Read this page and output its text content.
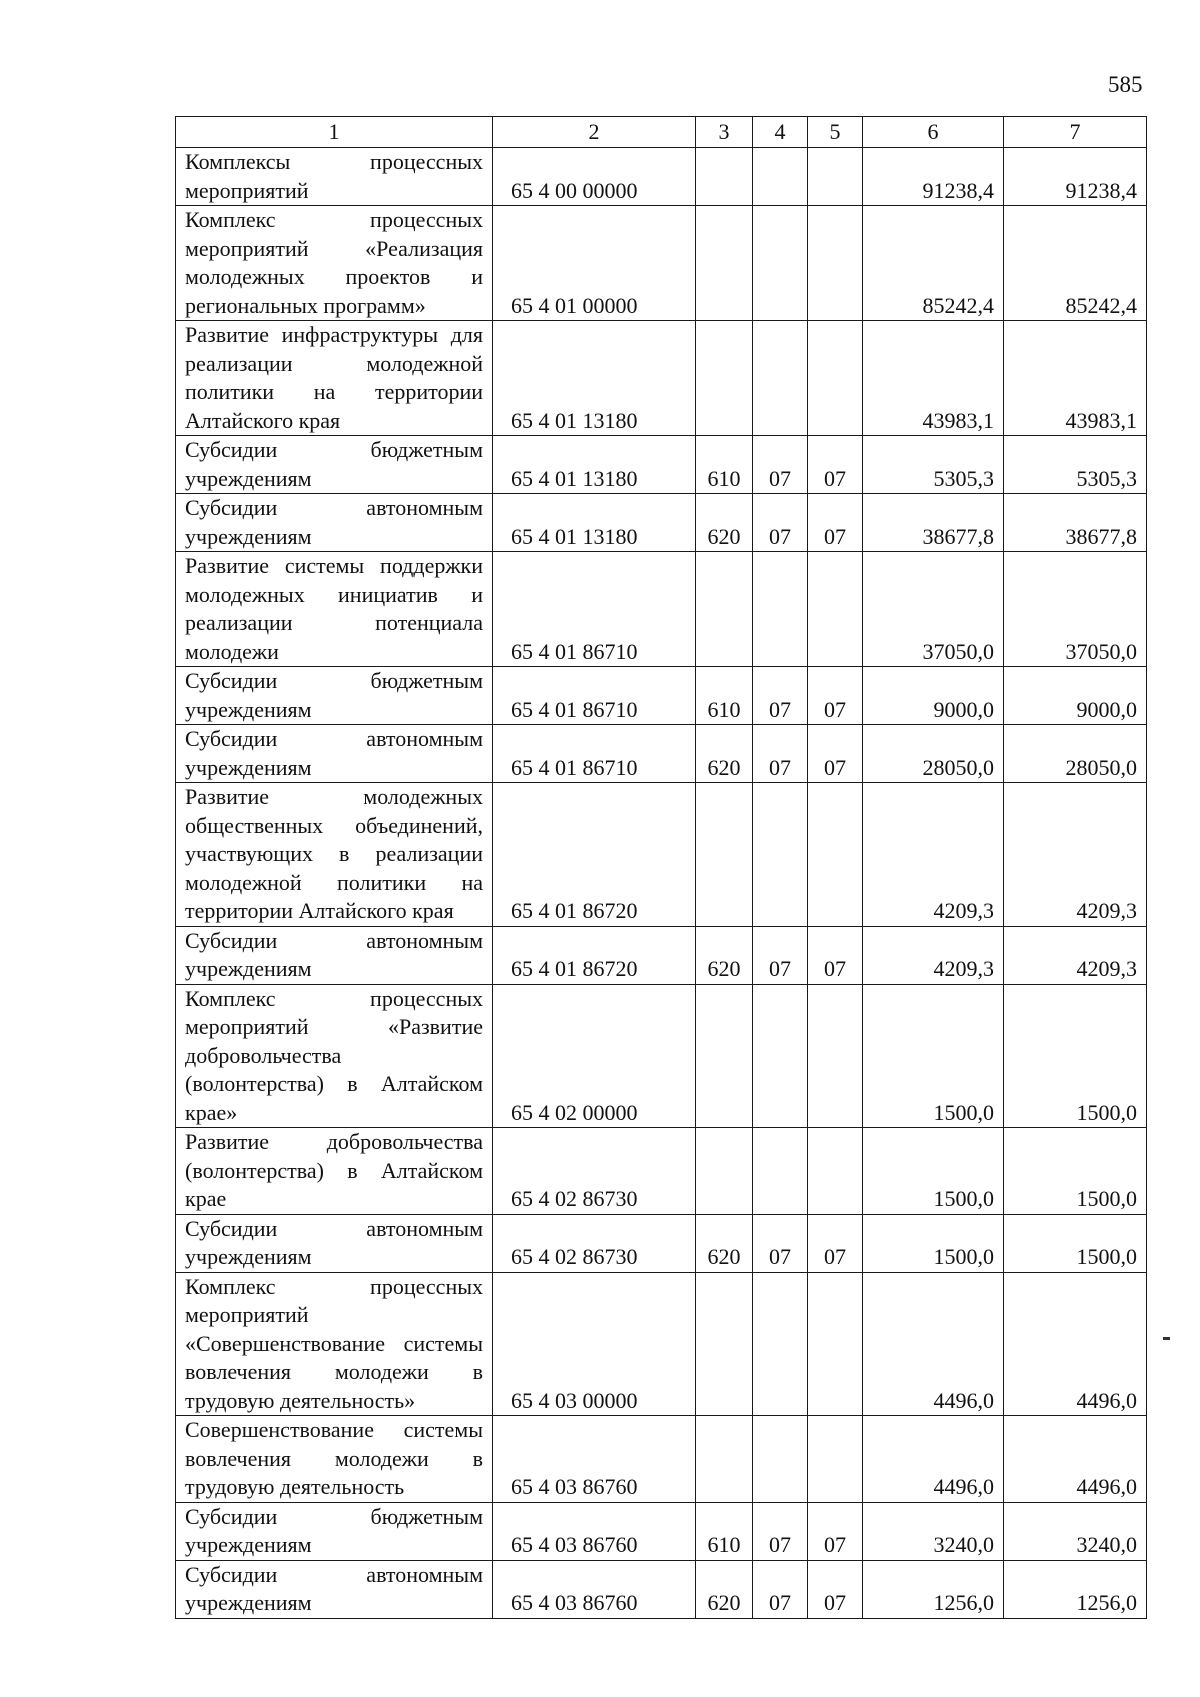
585
1	2	3	4	5	6	7
Комплексы процессных мероприятий	65 4 00 00000				91238,4	91238,4
Комплекс процессных мероприятий «Реализация молодежных проектов и региональных программ»	65 4 01 00000				85242,4	85242,4
Развитие инфраструктуры для реализации молодежной политики на территории Алтайского края	65 4 01 13180				43983,1	43983,1
Субсидии бюджетным учреждениям	65 4 01 13180	610	07	07	5305,3	5305,3
Субсидии автономным учреждениям	65 4 01 13180	620	07	07	38677,8	38677,8
Развитие системы поддержки молодежных инициатив и реализации потенциала молодежи	65 4 01 86710				37050,0	37050,0
Субсидии бюджетным учреждениям	65 4 01 86710	610	07	07	9000,0	9000,0
Субсидии автономным учреждениям	65 4 01 86710	620	07	07	28050,0	28050,0
Развитие молодежных общественных объединений, участвующих в реализации молодежной политики на территории Алтайского края	65 4 01 86720				4209,3	4209,3
Субсидии автономным учреждениям	65 4 01 86720	620	07	07	4209,3	4209,3
Комплекс процессных мероприятий «Развитие добровольчества (волонтерства) в Алтайском крае»	65 4 02 00000				1500,0	1500,0
Развитие добровольчества (волонтерства) в Алтайском крае	65 4 02 86730				1500,0	1500,0
Субсидии автономным учреждениям	65 4 02 86730	620	07	07	1500,0	1500,0
Комплекс процессных мероприятий «Совершенствование системы вовлечения молодежи в трудовую деятельность»	65 4 03 00000				4496,0	4496,0
Совершенствование системы вовлечения молодежи в трудовую деятельность	65 4 03 86760				4496,0	4496,0
Субсидии бюджетным учреждениям	65 4 03 86760	610	07	07	3240,0	3240,0
Субсидии автономным учреждениям	65 4 03 86760	620	07	07	1256,0	1256,0
